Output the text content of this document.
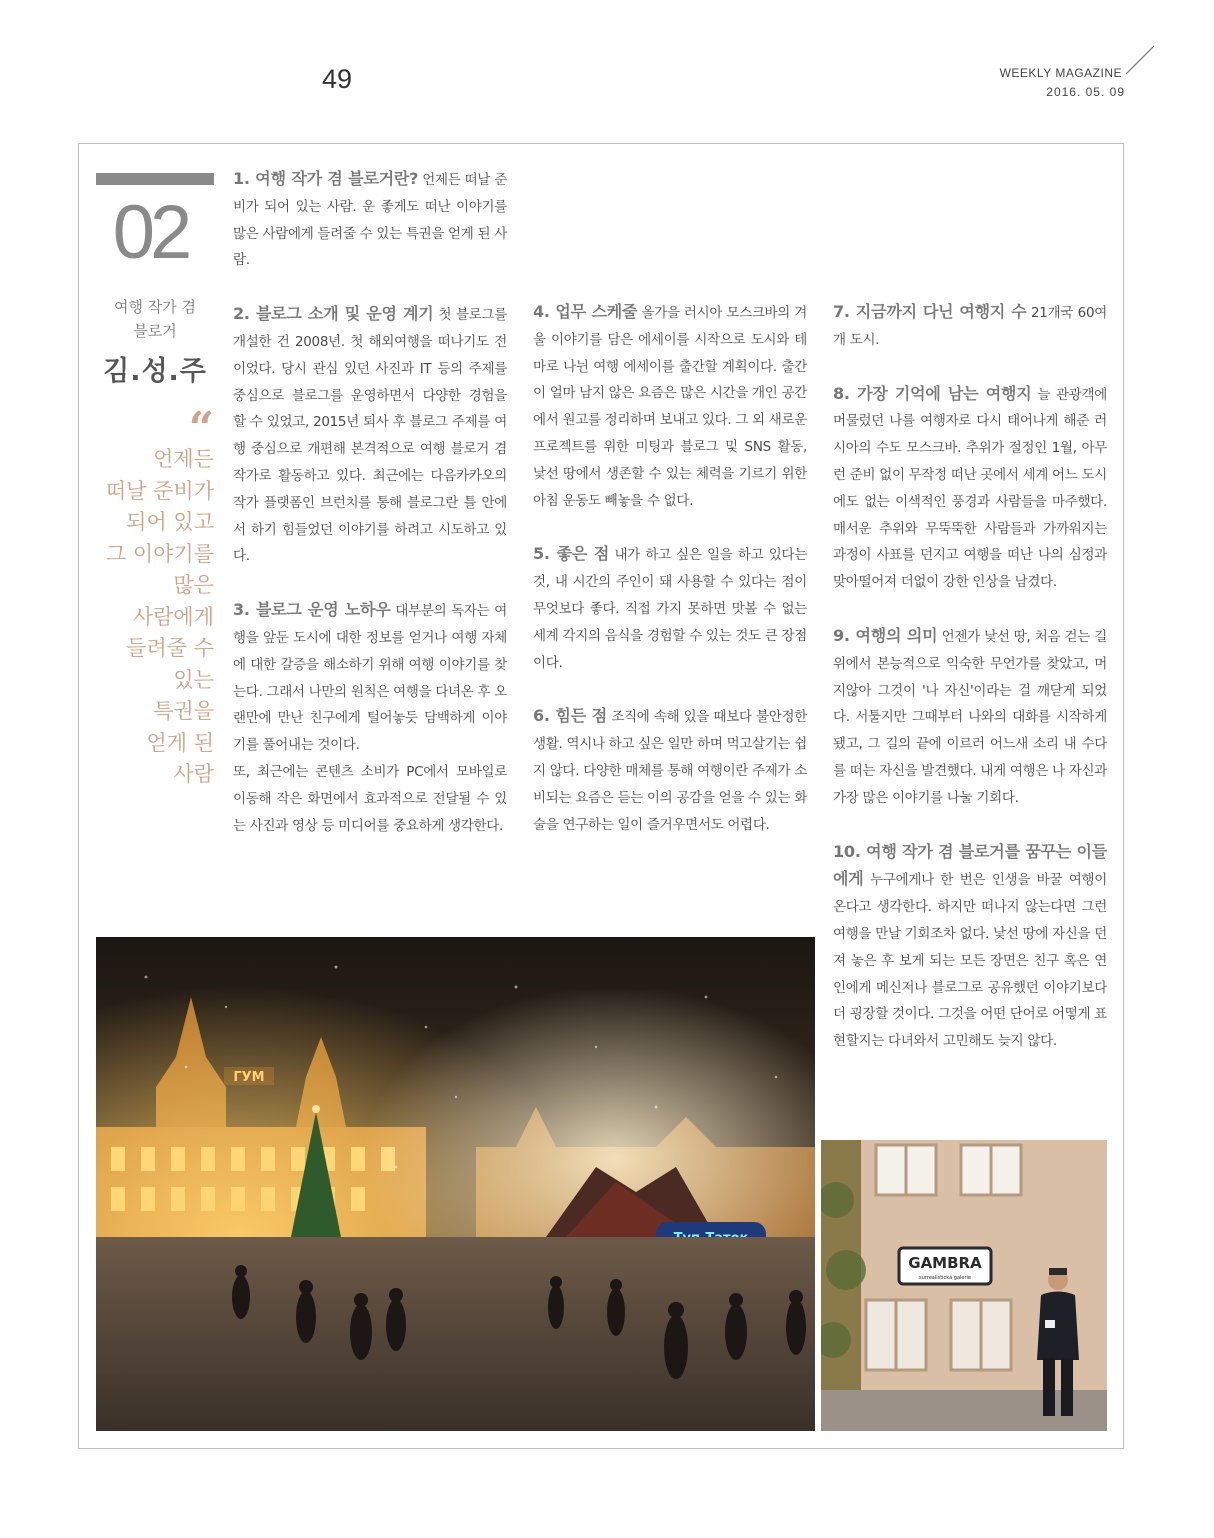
49	WEEKLY MAGAZINE
2016. 05. 09
02
여행 작가 겸
블로거
김.성.주
“
언제든
떠날 준비가
되어 있고
그 이야기를
많은
사람에게
들려줄 수
있는
특권을
얻게 된
사람
1. 여행 작가 겸 블로거란? 언제든 떠날 준비가 되어 있는 사람. 운 좋게도 떠난 이야기를 많은 사람에게 들려줄 수 있는 특권을 얻게 된 사람.
2. 블로그 소개 및 운영 계기 첫 블로그를 개설한 건 2008년. 첫 해외여행을 떠나기도 전이었다. 당시 관심 있던 사진과 IT 등의 주제를 중심으로 블로그를 운영하면서 다양한 경험을 할 수 있었고, 2015년 퇴사 후 블로그 주제를 여행 중심으로 개편해 본격적으로 여행 블로거 겸 작가로 활동하고 있다. 최근에는 다음카카오의 작가 플랫폼인 브런치를 통해 블로그란 틀 안에서 하기 힘들었던 이야기를 하려고 시도하고 있다.
3. 블로그 운영 노하우 대부분의 독자는 여행을 앞둔 도시에 대한 정보를 얻거나 여행 자체에 대한 갈증을 해소하기 위해 여행 이야기를 찾는다. 그래서 나만의 원칙은 여행을 다녀온 후 오랜만에 만난 친구에게 털어놓듯 담백하게 이야기를 풀어내는 것이다.
또, 최근에는 콘텐츠 소비가 PC에서 모바일로 이동해 작은 화면에서 효과적으로 전달될 수 있는 사진과 영상 등 미디어를 중요하게 생각한다.
4. 업무 스케줄 올가을 러시아 모스크바의 겨울 이야기를 담은 에세이를 시작으로 도시와 테마로 나뉜 여행 에세이를 출간할 계획이다. 출간이 얼마 남지 않은 요즘은 많은 시간을 개인 공간에서 원고를 정리하며 보내고 있다. 그 외 새로운 프로젝트를 위한 미팅과 블로그 및 SNS 활동, 낯선 땅에서 생존할 수 있는 체력을 기르기 위한 아침 운동도 빼놓을 수 없다.
5. 좋은 점 내가 하고 싶은 일을 하고 있다는 것, 내 시간의 주인이 돼 사용할 수 있다는 점이 무엇보다 좋다. 직접 가지 못하면 맛볼 수 없는 세계 각지의 음식을 경험할 수 있는 것도 큰 장점이다.
6. 힘든 점 조직에 속해 있을 때보다 불안정한 생활. 역시나 하고 싶은 일만 하며 먹고살기는 쉽지 않다. 다양한 매체를 통해 여행이란 주제가 소비되는 요즘은 듣는 이의 공감을 얻을 수 있는 화술을 연구하는 일이 즐거우면서도 어렵다.
7. 지금까지 다닌 여행지 수 21개국 60여 개 도시.
8. 가장 기억에 남는 여행지 늘 관광객에 머물렀던 나를 여행자로 다시 태어나게 해준 러시아의 수도 모스크바. 추위가 절정인 1월, 아무런 준비 없이 무작정 떠난 곳에서 세계 어느 도시에도 없는 이색적인 풍경과 사람들을 마주했다. 매서운 추위와 무뚝뚝한 사람들과 가까워지는 과정이 사표를 던지고 여행을 떠난 나의 심정과 맞아떨어져 더없이 강한 인상을 남겼다.
9. 여행의 의미 언젠가 낯선 땅, 처음 걷는 길 위에서 본능적으로 익숙한 무언가를 찾았고, 머지않아 그것이 '나 자신'이라는 걸 깨닫게 되었다. 서툴지만 그때부터 나와의 대화를 시작하게 됐고, 그 길의 끝에 이르러 어느새 소리 내 수다를 떠는 자신을 발견했다. 내게 여행은 나 자신과 가장 많은 이야기를 나눌 기회다.
10. 여행 작가 겸 블로거를 꿈꾸는 이들에게 누구에게나 한 번은 인생을 바꿀 여행이 온다고 생각한다. 하지만 떠나지 않는다면 그런 여행을 만날 기회조차 없다. 낯선 땅에 자신을 던져 놓은 후 보게 되는 모든 장면은 친구 혹은 연인에게 메신저나 블로그로 공유했던 이야기보다 더 굉장할 것이다. 그것을 어떤 단어로 어떻게 표현할지는 다녀와서 고민해도 늦지 않다.
GAMBRA
surrealistická galerie
